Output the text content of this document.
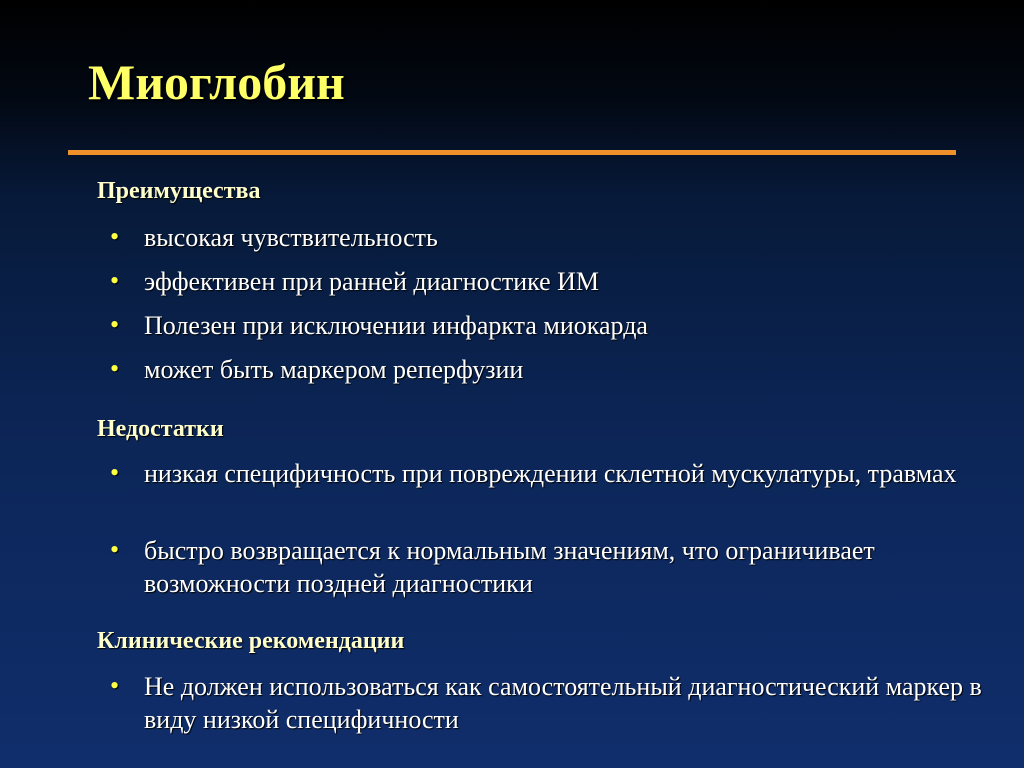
Миоглобин
Преимущества
• высокая чувствительность
• эффективен при ранней диагностике ИМ
• Полезен при исключении инфаркта миокарда
• может быть маркером реперфузии
Недостатки
• низкая специфичность при повреждении склетной мускулатуры, травмах
• быстро возвращается к нормальным значениям, что ограничивает возможности поздней диагностики
Клинические рекомендации
• Не должен использоваться как самостоятельный диагностический маркер в виду низкой специфичности
